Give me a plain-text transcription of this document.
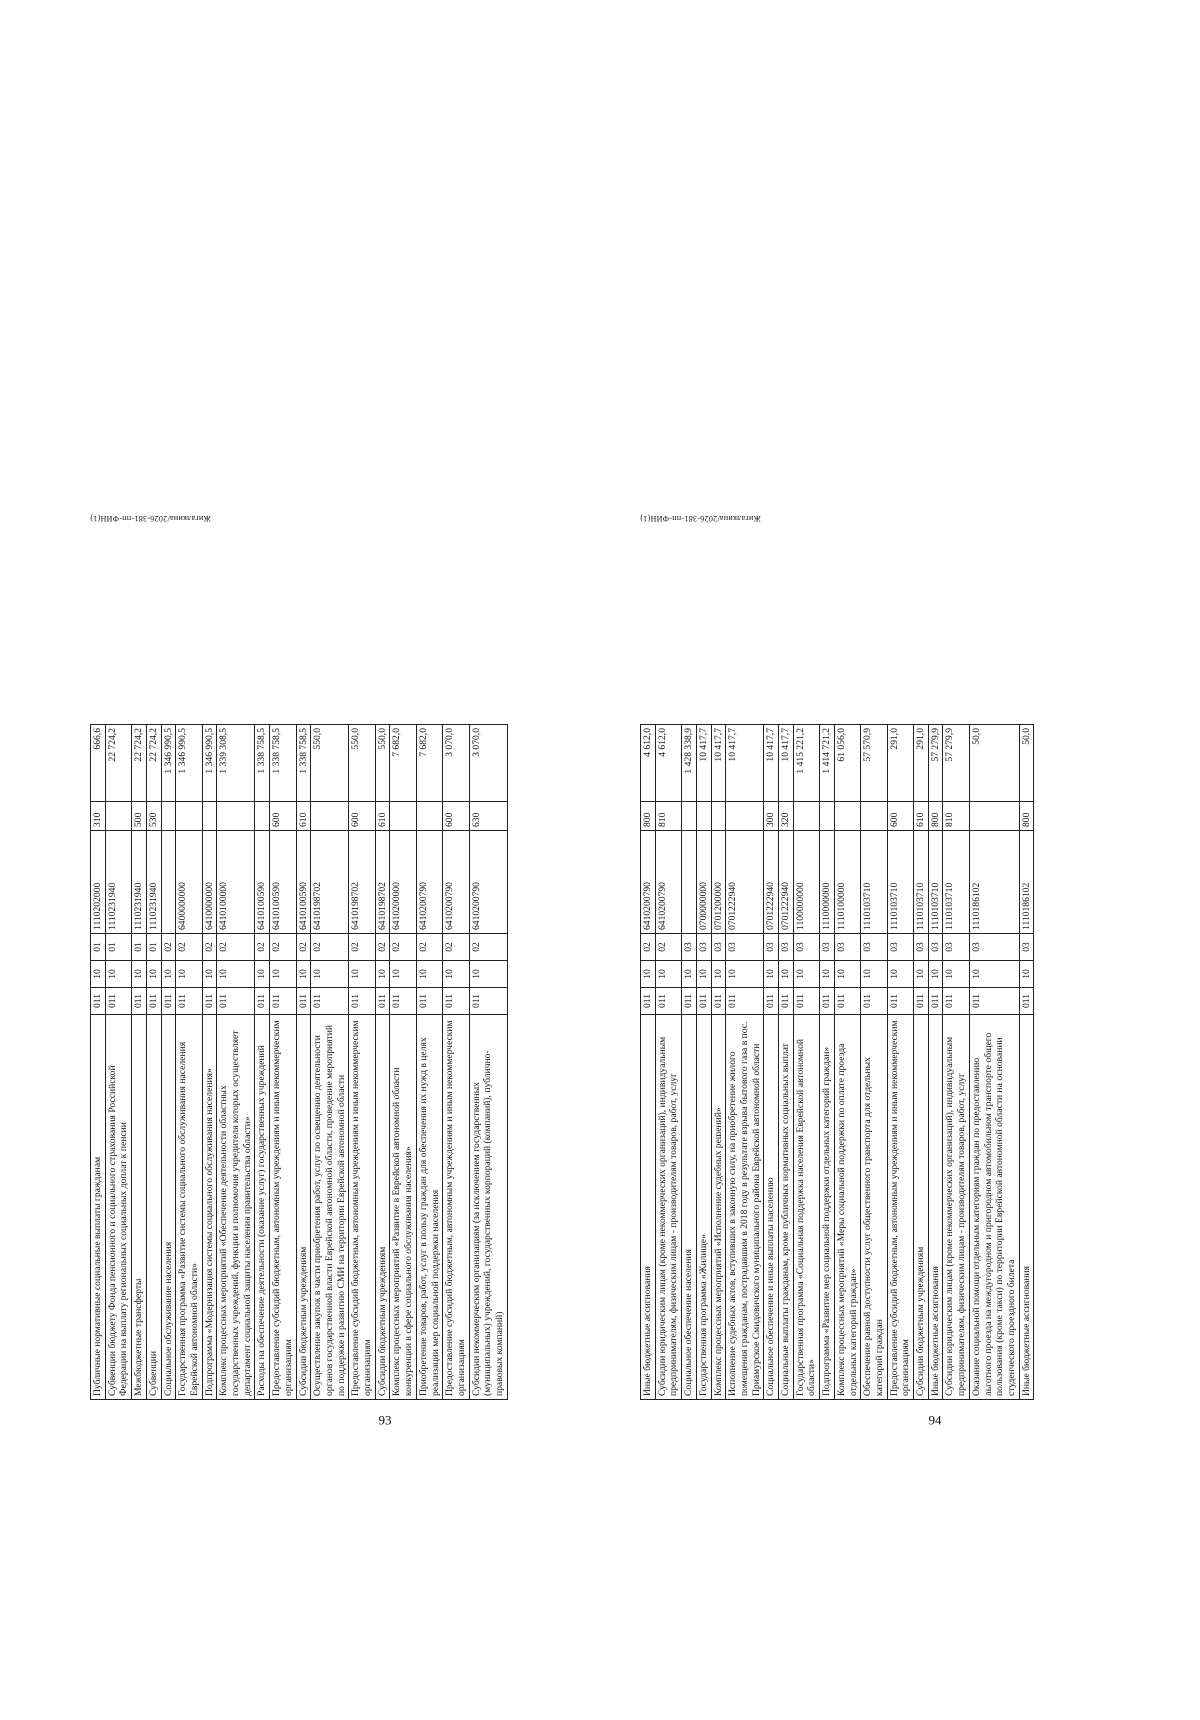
93
Публичные нормативные социальные выплаты гражданам	011	10	01	1110202000	310	666,6
Субвенции бюджету Фонда пенсионного и социального страхования Российской Федерации на выплату региональных социальных доплат к пенсии	011	10	01	1110231940		22 724,2
Межбюджетные трансферты	011	10	01	1110231940	500	22 724,2
Субвенции	011	10	01	1110231940	530	22 724,2
Социальное обслуживание населения	011	10	02			1 346 990,5
Государственная программа «Развитие системы социального обслуживания населения Еврейской автономной области»	011	10	02	6400000000		1 346 990,5
Подпрограмма «Модернизация системы социального обслуживания населения»	011	10	02	6410000000		1 346 990,5
Комплекс процессных мероприятий «Обеспечение деятельности областных государственных учреждений, функции и полномочия учредителя которых осуществляет департамент социальной защиты населения правительства области»	011	10	02	6410100000		1 339 308,5
Расходы на обеспечение деятельности (оказание услуг) государственных учреждений	011	10	02	6410100590		1 338 758,5
Предоставление субсидий бюджетным, автономным учреждениям и иным некоммерческим организациям	011	10	02	6410100590	600	1 338 758,5
Субсидии бюджетным учреждениям	011	10	02	6410100590	610	1 338 758,5
Осуществление закупок в части приобретения работ, услуг по освещению деятельности органов государственной власти Еврейской автономной области, проведение мероприятий по поддержке и развитию СМИ на территории Еврейской автономной области	011	10	02	6410198702		550,0
Предоставление субсидий бюджетным, автономным учреждениям и иным некоммерческим организациям	011	10	02	6410198702	600	550,0
Субсидии бюджетным учреждениям	011	10	02	6410198702	610	550,0
Комплекс процессных мероприятий «Развитие в Еврейской автономной области конкуренции в сфере социального обслуживания населения»	011	10	02	6410200000		7 682,0
Приобретение товаров, работ, услуг в пользу граждан для обеспечения их нужд в целях реализации мер социальной поддержки населения	011	10	02	6410200790		7 682,0
Предоставление субсидий бюджетным, автономным учреждениям и иным некоммерческим организациям	011	10	02	6410200790	600	3 070,0
Субсидии некоммерческим организациям (за исключением государственных (муниципальных) учреждений, государственных корпораций (компаний), публично-правовых компаний)	011	10	02	6410200790	630	3 070,0
Жигалкина/2026-381-пп-ФИН(1)
94
Иные бюджетные ассигнования	011	10	02	6410200790	800	4 612,0
Субсидии юридическим лицам (кроме некоммерческих организаций), индивидуальным предпринимателям, физическим лицам - производителям товаров, работ, услуг	011	10	02	6410200790	810	4 612,0
Социальное обеспечение населения	011	10	03			1 428 338,9
Государственная программа «Жилище»	011	10	03	0700000000		10 417,7
Комплекс процессных мероприятий «Исполнение судебных решений»	011	10	03	0701200000		10 417,7
Исполнение судебных актов, вступивших в законную силу, на приобретение жилого помещения гражданам, пострадавшим в 2018 году в результате взрыва бытового газа в пос. Приамурское Смидовичского муниципального района Еврейской автономной области	011	10	03	0701222940		10 417,7
Социальное обеспечение и иные выплаты населению	011	10	03	0701222940	300	10 417,7
Социальные выплаты гражданам, кроме публичных нормативных социальных выплат	011	10	03	0701222940	320	10 417,7
Государственная программа «Социальная поддержка населения Еврейской автономной области»	011	10	03	1100000000		1 415 221,2
Подпрограмма «Развитие мер социальной поддержки отдельных категорий граждан»	011	10	03	1110000000		1 414 721,2
Комплекс процессных мероприятий «Меры социальной поддержки по оплате проезда отдельных категорий граждан»	011	10	03	1110100000		61 056,0
Обеспечение равной доступности услуг общественного транспорта для отдельных категорий граждан	011	10	03	1110103710		57 570,9
Предоставление субсидий бюджетным, автономным учреждениям и иным некоммерческим организациям	011	10	03	1110103710	600	291,0
Субсидии бюджетным учреждениям	011	10	03	1110103710	610	291,0
Иные бюджетные ассигнования	011	10	03	1110103710	800	57 279,9
Субсидии юридическим лицам (кроме некоммерческих организаций), индивидуальным предпринимателям, физическим лицам - производителям товаров, работ, услуг	011	10	03	1110103710	810	57 279,9
Оказание социальной помощи отдельным категориям граждан по предоставлению льготного проезда на междугородном и пригородном автомобильном транспорте общего пользования (кроме такси) по территории Еврейской автономной области на основании студенческого проездного билета	011	10	03	1110186102		50,0
Иные бюджетные ассигнования	011	10	03	1110186102	800	50,0
Жигалкина/2026-381-пп-ФИН(1)
